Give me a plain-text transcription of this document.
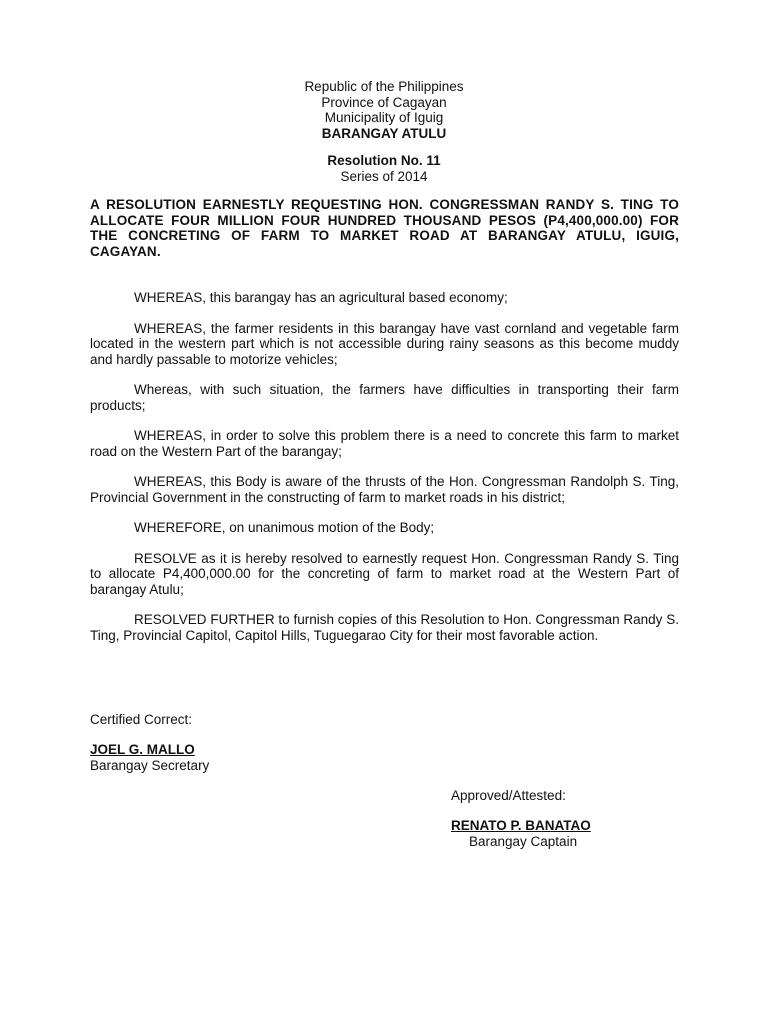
Republic of the Philippines
Province of Cagayan
Municipality of Iguig
BARANGAY ATULU
Resolution No. 11
Series of 2014
A RESOLUTION EARNESTLY REQUESTING HON. CONGRESSMAN RANDY S. TING TO ALLOCATE FOUR MILLION FOUR HUNDRED THOUSAND PESOS (P4,400,000.00) FOR THE CONCRETING OF FARM TO MARKET ROAD AT BARANGAY ATULU, IGUIG, CAGAYAN.

WHEREAS, this barangay has an agricultural based economy;

WHEREAS, the farmer residents in this barangay have vast cornland and vegetable farm located in the western part which is not accessible during rainy seasons as this become muddy and hardly passable to motorize vehicles;

Whereas, with such situation, the farmers have difficulties in transporting their farm products;

WHEREAS, in order to solve this problem there is a need to concrete this farm to market road on the Western Part of the barangay;

WHEREAS, this Body is aware of the thrusts of the Hon. Congressman Randolph S. Ting, Provincial Government in the constructing of farm to market roads in his district;

WHEREFORE, on unanimous motion of the Body;

RESOLVE as it is hereby resolved to earnestly request Hon. Congressman Randy S. Ting to allocate P4,400,000.00 for the concreting of farm to market road at the Western Part of barangay Atulu;

RESOLVED FURTHER to furnish copies of this Resolution to Hon. Congressman Randy S. Ting, Provincial Capitol, Capitol Hills, Tuguegarao City for their most favorable action.

Certified Correct:
JOEL G. MALLO
Barangay Secretary
Approved/Attested:
RENATO P. BANATAO
Barangay Captain
